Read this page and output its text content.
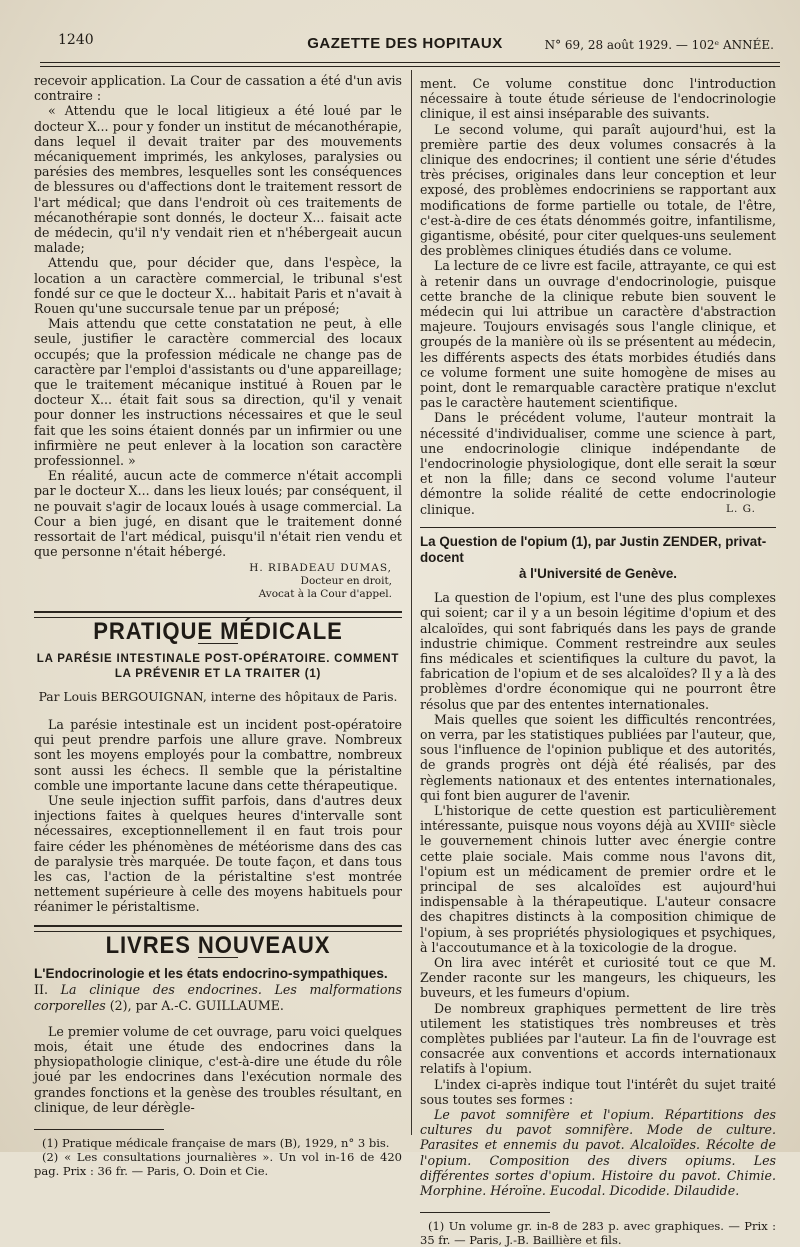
1240	GAZETTE DES HOPITAUX	N° 69, 28 août 1929. — 102ᵉ ANNÉE.

recevoir application. La Cour de cassation a été d'un avis contraire :

« Attendu que le local litigieux a été loué par le docteur X... pour y fonder un institut de mécanothérapie, dans lequel il devait traiter par des mouvements mécaniquement imprimés, les ankyloses, paralysies ou parésies des membres, lesquelles sont les conséquences de blessures ou d'affections dont le traitement ressort de l'art médical; que dans l'endroit où ces traitements de mécanothérapie sont donnés, le docteur X... faisait acte de médecin, qu'il n'y vendait rien et n'hébergeait aucun malade;

Attendu que, pour décider que, dans l'espèce, la location a un caractère commercial, le tribunal s'est fondé sur ce que le docteur X... habitait Paris et n'avait à Rouen qu'une succursale tenue par un préposé;

Mais attendu que cette constatation ne peut, à elle seule, justifier le caractère commercial des locaux occupés; que la profession médicale ne change pas de caractère par l'emploi d'assistants ou d'une appareillage; que le traitement mécanique institué à Rouen par le docteur X... était fait sous sa direction, qu'il y venait pour donner les instructions nécessaires et que le seul fait que les soins étaient donnés par un infirmier ou une infirmière ne peut enlever à la location son caractère professionnel. »

En réalité, aucun acte de commerce n'était accompli par le docteur X... dans les lieux loués; par conséquent, il ne pouvait s'agir de locaux loués à usage commercial. La Cour a bien jugé, en disant que le traitement donné ressortait de l'art médical, puisqu'il n'était rien vendu et que personne n'était hébergé.

H. RIBADEAU DUMAS,
Docteur en droit,
Avocat à la Cour d'appel.
PRATIQUE MÉDICALE
LA PARÉSIE INTESTINALE POST-OPÉRATOIRE. COMMENT
LA PRÉVENIR ET LA TRAITER (1)
Par Louis BERGOUIGNAN, interne des hôpitaux de Paris.

La parésie intestinale est un incident post-opératoire qui peut prendre parfois une allure grave. Nombreux sont les moyens employés pour la combattre, nombreux sont aussi les échecs. Il semble que la péristaltine comble une importante lacune dans cette thérapeutique.

Une seule injection suffit parfois, dans d'autres deux injections faites à quelques heures d'intervalle sont nécessaires, exceptionnellement il en faut trois pour faire céder les phénomènes de météorisme dans des cas de paralysie très marquée. De toute façon, et dans tous les cas, l'action de la péristaltine s'est montrée nettement supérieure à celle des moyens habituels pour réanimer le péristaltisme.

LIVRES NOUVEAUX
L'Endocrinologie et les états endocrino-sympathiques.
II. La clinique des endocrines. Les malformations corporelles (2), par A.-C. GUILLAUME.

Le premier volume de cet ouvrage, paru voici quelques mois, était une étude des endocrines dans la physiopathologie clinique, c'est-à-dire une étude du rôle joué par les endocrines dans l'exécution normale des grandes fonctions et la genèse des troubles résultant, en clinique, de leur dérègle-

(1) Pratique médicale française de mars (B), 1929, n° 3 bis.

(2) « Les consultations journalières ». Un vol in-16 de 420 pag. Prix : 36 fr. — Paris, O. Doin et Cie.

ment. Ce volume constitue donc l'introduction nécessaire à toute étude sérieuse de l'endocrinologie clinique, il est ainsi inséparable des suivants.

Le second volume, qui paraît aujourd'hui, est la première partie des deux volumes consacrés à la clinique des endocrines; il contient une série d'études très précises, originales dans leur conception et leur exposé, des problèmes endocriniens se rapportant aux modifications de forme partielle ou totale, de l'être, c'est-à-dire de ces états dénommés goitre, infantilisme, gigantisme, obésité, pour citer quelques-uns seulement des problèmes cliniques étudiés dans ce volume.

La lecture de ce livre est facile, attrayante, ce qui est à retenir dans un ouvrage d'endocrinologie, puisque cette branche de la clinique rebute bien souvent le médecin qui lui attribue un caractère d'abstraction majeure. Toujours envisagés sous l'angle clinique, et groupés de la manière où ils se présentent au médecin, les différents aspects des états morbides étudiés dans ce volume forment une suite homogène de mises au point, dont le remarquable caractère pratique n'exclut pas le caractère hautement scientifique.

Dans le précédent volume, l'auteur montrait la nécessité d'individualiser, comme une science à part, une endocrinologie clinique indépendante de l'endocrinologie physiologique, dont elle serait la sœur et non la fille; dans ce second volume l'auteur démontre la solide réalité de cette endocrinologie clinique.	L. G.
La Question de l'opium (1), par Justin ZENDER, privat-docent
à l'Université de Genève.

La question de l'opium, est l'une des plus complexes qui soient; car il y a un besoin légitime d'opium et des alcaloïdes, qui sont fabriqués dans les pays de grande industrie chimique. Comment restreindre aux seules fins médicales et scientifiques la culture du pavot, la fabrication de l'opium et de ses alcaloïdes? Il y a là des problèmes d'ordre économique qui ne pourront être résolus que par des ententes internationales.

Mais quelles que soient les difficultés rencontrées, on verra, par les statistiques publiées par l'auteur, que, sous l'influence de l'opinion publique et des autorités, de grands progrès ont déjà été réalisés, par des règlements nationaux et des ententes internationales, qui font bien augurer de l'avenir.

L'historique de cette question est particulièrement intéressante, puisque nous voyons déjà au XVIIIᵉ siècle le gouvernement chinois lutter avec énergie contre cette plaie sociale. Mais comme nous l'avons dit, l'opium est un médicament de premier ordre et le principal de ses alcaloïdes est aujourd'hui indispensable à la thérapeutique. L'auteur consacre des chapitres distincts à la composition chimique de l'opium, à ses propriétés physiologiques et psychiques, à l'accoutumance et à la toxicologie de la drogue.

On lira avec intérêt et curiosité tout ce que M. Zender raconte sur les mangeurs, les chiqueurs, les buveurs, et les fumeurs d'opium.

De nombreux graphiques permettent de lire très utilement les statistiques très nombreuses et très complètes publiées par l'auteur. La fin de l'ouvrage est consacrée aux conventions et accords internationaux relatifs à l'opium.

L'index ci-après indique tout l'intérêt du sujet traité sous toutes ses formes :

Le pavot somnifère et l'opium. Répartitions des cultures du pavot somnifère. Mode de culture. Parasites et ennemis du pavot. Alcaloïdes. Récolte de l'opium. Composition des divers opiums. Les différentes sortes d'opium. Histoire du pavot. Chimie. Morphine. Héroïne. Eucodal. Dicodide. Dilaudide.

(1) Un volume gr. in-8 de 283 p. avec graphiques. — Prix : 35 fr. — Paris, J.-B. Baillière et fils.
